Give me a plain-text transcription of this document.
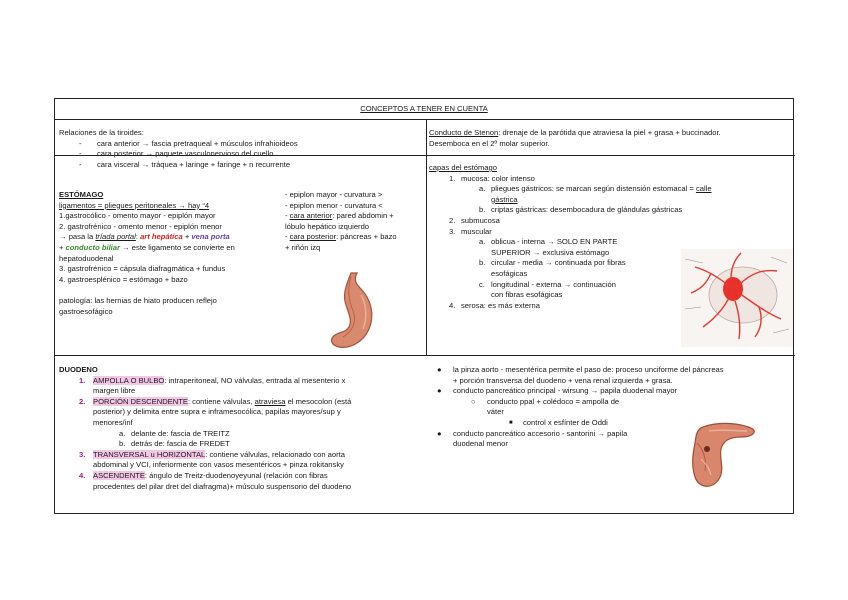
CONCEPTOS A TENER EN CUENTA
Relaciones de la tiroides:
- cara anterior → fascia pretraqueal + músculos infrahioideos
- cara posterior → paquete vasculonervioso del cuello
- cara visceral → tráquea + laringe + faringe + n recurrente
Conducto de Stenon: drenaje de la parótida que atraviesa la piel + grasa + buccinador.
Desemboca en el 2º molar superior.
ESTÓMAGO
ligamentos = pliegues peritoneales → hay “4
1.gastrocólico - omento mayor - epiplón mayor
2. gastrofrénico - omento menor - epiplón menor
→ pasa la tríada portal: art hepática + vena porta
+ conducto biliar → este ligamento se convierte en
hepatoduodenal
3. gastrofrénico = cápsula diafragmática + fundus
4. gastroesplénico = estómago + bazo
patología: las hernias de hiato producen reflejo
gastroesofágico
- epiplon mayor - curvatura >
- epiplon menor - curvatura <
- cara anterior: pared abdomin +
lóbulo hepático izquierdo
- cara posterior: páncreas + bazo
+ riñón izq
capas del estómago
1. mucosa: color intenso
a. pliegues gástricos: se marcan según distensión estomacal = calle
gástrica
b. criptas gástricas: desembocadura de glándulas gástricas
2. submucosa
3. muscular
a. oblicua - interna → SOLO EN PARTE
SUPERIOR → exclusiva estómago
b. circular - media → continuada por fibras
esofágicas
c. longitudinal - externa → continuación
con fibras esofágicas
4. serosa: es más externa
DUODENO
1. AMPOLLA O BULBO: intraperitoneal, NO válvulas, entrada al mesenterio x
margen libre
2. PORCIÓN DESCENDENTE: contiene válvulas, atraviesa el mesocolon (está
posterior) y delimita entre supra e inframesocólica, papilas mayores/sup y
menores/inf
a. delante de: fascia de TREITZ
b. detrás de: fascia de FREDET
3. TRANSVERSAL u HORIZONTAL: contiene válvulas, relacionado con aorta
abdominal y VCI, inferiormente con vasos mesentéricos + pinza rokitansky
4. ASCENDENTE: ángulo de Treitz-duodenoyeyunal (relación con fibras
procedentes del pilar dret del diafragma)+ músculo suspensorio del duodeno
● la pinza aorto - mesentérica permite el paso de: proceso unciforme del páncreas
+ porción transversa del duodeno + vena renal izquierda + grasa.
● conducto pancreático principal - wirsung → papila duodenal mayor
○ conducto ppal + colédoco = ampolla de
váter
■ control x esfínter de Oddi
● conducto pancreático accesorio - santorini → papila
duodenal menor
